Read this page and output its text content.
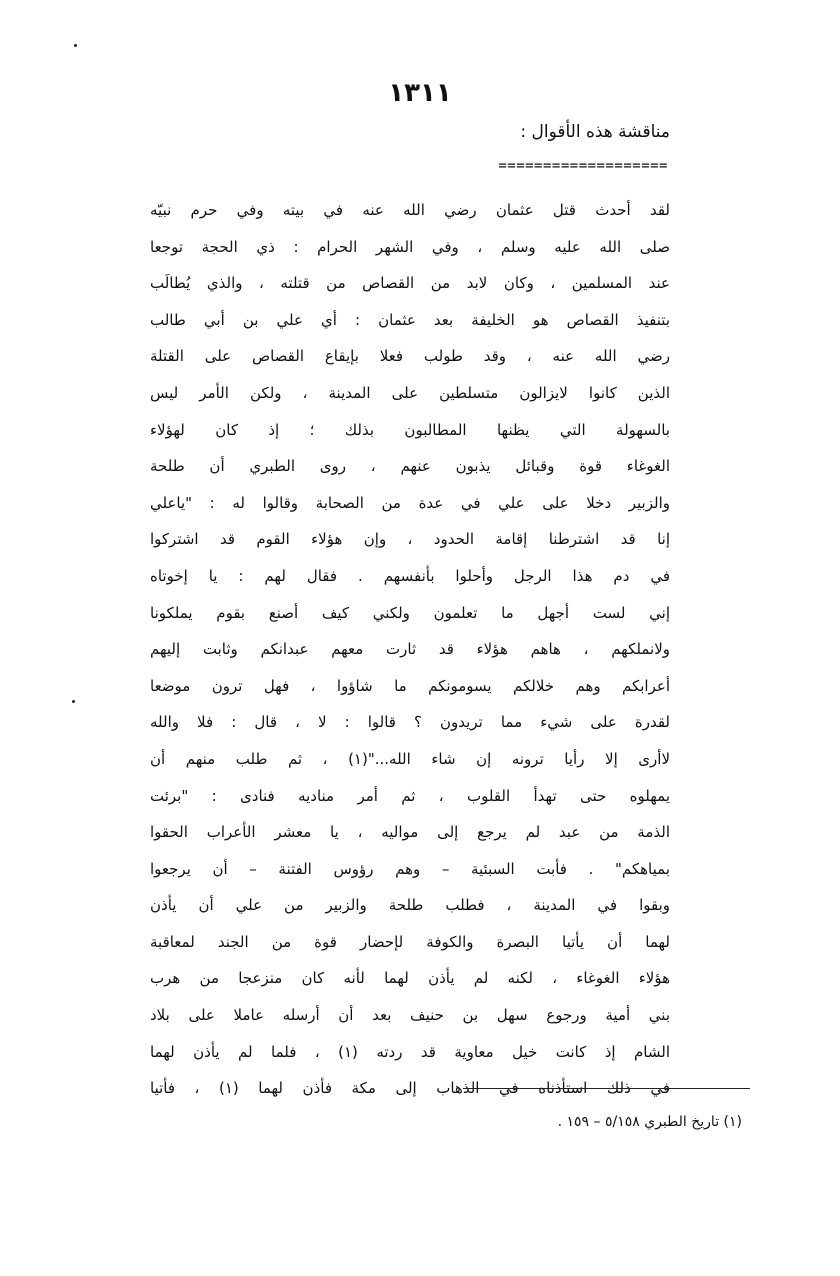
١٣١١
مناقشة هذه الأقوال :
===================
لقد أحدث قتل عثمان رضي الله عنه في بيته وفي حرم نبيّه
صلى الله عليه وسلم ، وفي الشهر الحرام : ذي الحجة توجعا
عند المسلمين ، وكان لابد من القصاص من قتلته ، والذي يُطالَب
بتنفيذ القصاص هو الخليفة بعد عثمان : أي علي بن أبي طالب
رضي الله عنه ، وقد طولب فعلا بإيقاع القصاص على القتلة
الذين كانوا لايزالون متسلطين على المدينة ، ولكن الأمر ليس
بالسهولة التي يظنها المطالبون بذلك ؛ إذ كان لهؤلاء
الغوغاء قوة وقبائل يذبون عنهم ، روى الطبري أن طلحة
والزبير دخلا على علي في عدة من الصحابة وقالوا له : "ياعلي
إنا قد اشترطنا إقامة الحدود ، وإن هؤلاء القوم قد اشتركوا
في دم هذا الرجل وأحلوا بأنفسهم . فقال لهم : يا إخوتاه
إني لست أجهل ما تعلمون ولكني كيف أصنع بقوم يملكونا
ولانملكهم ، هاهم هؤلاء قد ثارت معهم عبدانكم وثابت إليهم
أعرابكم وهم خلالكم يسومونكم ما شاؤوا ، فهل ترون موضعا
لقدرة على شيء مما تريدون ؟ قالوا : لا ، قال : فلا والله
لاأرى إلا رأيا ترونه إن شاء الله..."(١) ، ثم طلب منهم أن
يمهلوه حتى تهدأ القلوب ، ثم أمر مناديه فنادى : "برئت
الذمة من عبد لم يرجع إلى مواليه ، يا معشر الأعراب الحقوا
بمياهكم" . فأبت السبئية – وهم رؤوس الفتنة – أن يرجعوا
وبقوا في المدينة ، فطلب طلحة والزبير من علي أن يأذن
لهما أن يأتيا البصرة والكوفة لإحضار قوة من الجند لمعاقبة
هؤلاء الغوغاء ، لكنه لم يأذن لهما لأنه كان منزعجا من هرب
بني أمية ورجوع سهل بن حنيف بعد أن أرسله عاملا على بلاد
الشام إذ كانت خيل معاوية قد ردته (١) ، فلما لم يأذن لهما
في ذلك استأذناه في الذهاب إلى مكة فأذن لهما (١) ، فأتيا
(١) تاريخ الطبري ٥/١٥٨ – ١٥٩ .
